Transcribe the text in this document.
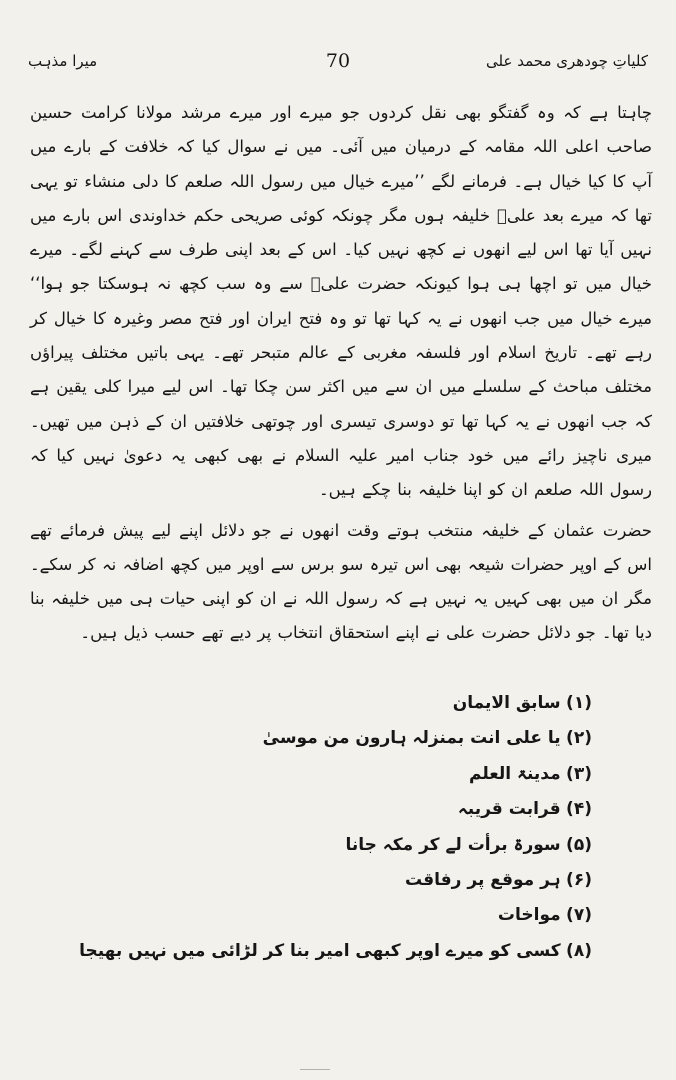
کلیاتِ چودھری محمد علی
70
میرا مذہب

چاہتا ہے کہ وہ گفتگو بھی نقل کردوں جو میرے اور میرے مرشد مولانا کرامت حسین صاحب اعلی اللہ مقامہ کے درمیان میں آئی۔ میں نے سوال کیا کہ خلافت کے بارے میں آپ کا کیا خیال ہے۔ فرمانے لگے ’’میرے خیال میں رسول اللہ صلعم کا دلی منشاء تو یہی تھا کہ میرے بعد علیؑ خلیفہ ہوں مگر چونکہ کوئی صریحی حکم خداوندی اس بارے میں نہیں آیا تھا اس لیے انھوں نے کچھ نہیں کیا۔ اس کے بعد اپنی طرف سے کہنے لگے۔ میرے خیال میں تو اچھا ہی ہوا کیونکہ حضرت علیؑ سے وہ سب کچھ نہ ہوسکتا جو ہوا‘‘ میرے خیال میں جب انھوں نے یہ کہا تھا تو وہ فتح ایران اور فتح مصر وغیرہ کا خیال کر رہے تھے۔ تاریخ اسلام اور فلسفہ مغربی کے عالم متبحر تھے۔ یہی باتیں مختلف پیراؤں مختلف مباحث کے سلسلے میں ان سے میں اکثر سن چکا تھا۔ اس لیے میرا کلی یقین ہے کہ جب انھوں نے یہ کہا تھا تو دوسری تیسری اور چوتھی خلافتیں ان کے ذہن میں تھیں۔ میری ناچیز رائے میں خود جناب امیر علیہ السلام نے بھی کبھی یہ دعویٰ نہیں کیا کہ رسول اللہ صلعم ان کو اپنا خلیفہ بنا چکے ہیں۔

حضرت عثمان کے خلیفہ منتخب ہوتے وقت انھوں نے جو دلائل اپنے لیے پیش فرمائے تھے اس کے اوپر حضرات شیعہ بھی اس تیرہ سو برس سے اوپر میں کچھ اضافہ نہ کر سکے۔ مگر ان میں بھی کہیں یہ نہیں ہے کہ رسول اللہ نے ان کو اپنی حیات ہی میں خلیفہ بنا دیا تھا۔ جو دلائل حضرت علی نے اپنے استحقاق انتخاب پر دیے تھے حسب ذیل ہیں۔

(۱) سابق الایمان
(۲) یا علی انت بمنزلہ ہارون من موسیٰ
(۳) مدینۃ العلم
(۴) قرابت قریبہ
(۵) سورۃ برأت لے کر مکہ جانا
(۶) ہر موقع پر رفاقت
(۷) مواخات
(۸) کسی کو میرے اوپر کبھی امیر بنا کر لڑائی میں نہیں بھیجا
